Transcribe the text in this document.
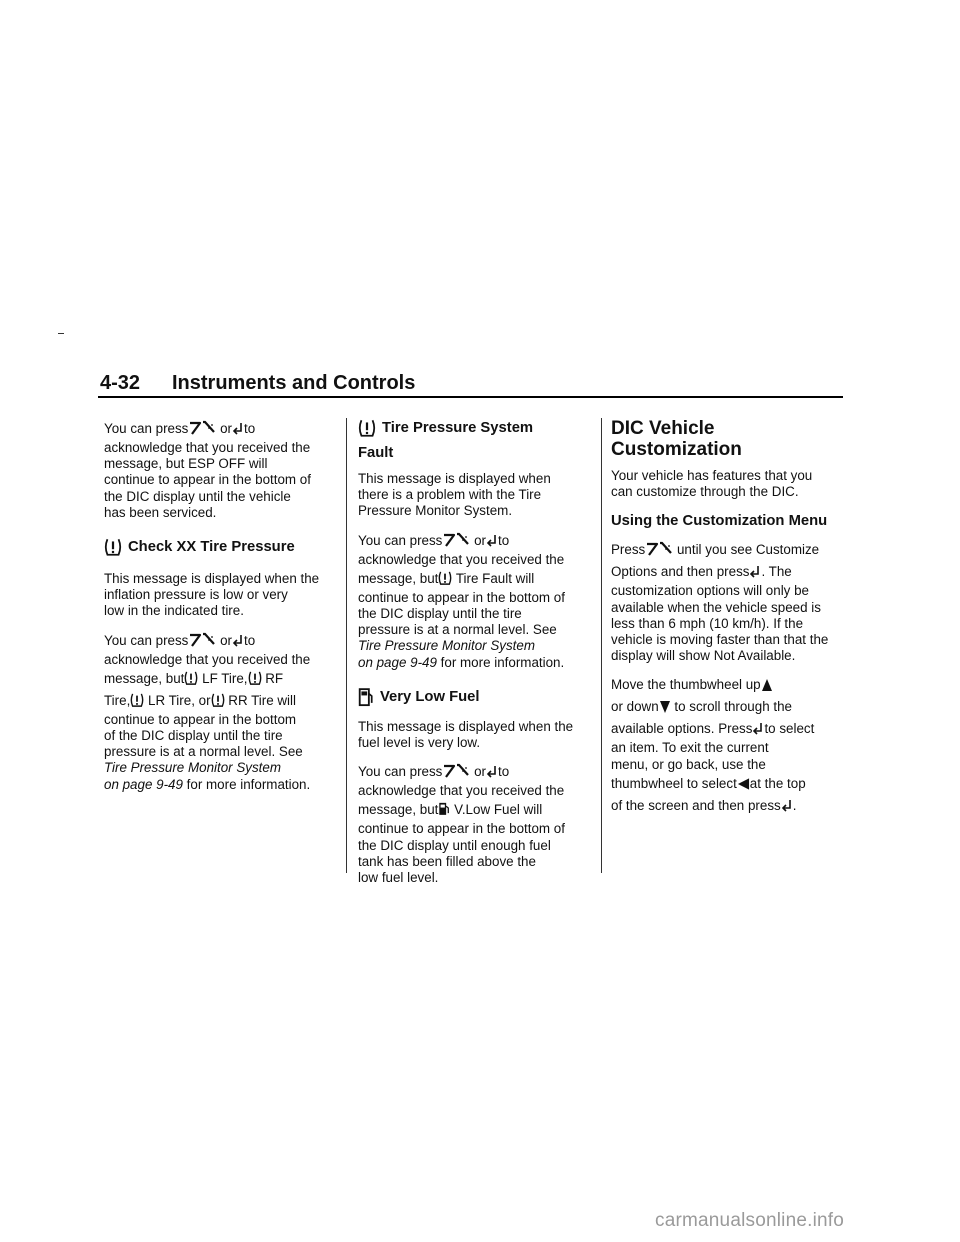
4-32 Instruments and Controls

You can press or to
acknowledge that you received the
message, but ESP OFF will
continue to appear in the bottom of
the DIC display until the vehicle
has been serviced.

Check XX Tire Pressure

This message is displayed when the
inflation pressure is low or very
low in the indicated tire.

You can press or to
acknowledge that you received the
message, but LF Tire, RF
Tire, LR Tire, or RR Tire will
continue to appear in the bottom
of the DIC display until the tire
pressure is at a normal level. See
Tire Pressure Monitor System
on page 9-49 for more information.

Tire Pressure System
Fault

This message is displayed when
there is a problem with the Tire
Pressure Monitor System.

You can press or to
acknowledge that you received the
message, but Tire Fault will
continue to appear in the bottom of
the DIC display until the tire
pressure is at a normal level. See
Tire Pressure Monitor System
on page 9-49 for more information.

Very Low Fuel

This message is displayed when the
fuel level is very low.

You can press or to
acknowledge that you received the
message, but V.Low Fuel will
continue to appear in the bottom of
the DIC display until enough fuel
tank has been filled above the
low fuel level.

DIC Vehicle
Customization

Your vehicle has features that you
can customize through the DIC.

Using the Customization Menu

Press until you see Customize
Options and then press . The
customization options will only be
available when the vehicle speed is
less than 6 mph (10 km/h). If the
vehicle is moving faster than that the
display will show Not Available.

Move the thumbwheel up
or down to scroll through the
available options. Press to select
an item. To exit the current
menu, or go back, use the
thumbwheel to select at the top
of the screen and then press .

carmanualsonline.info
